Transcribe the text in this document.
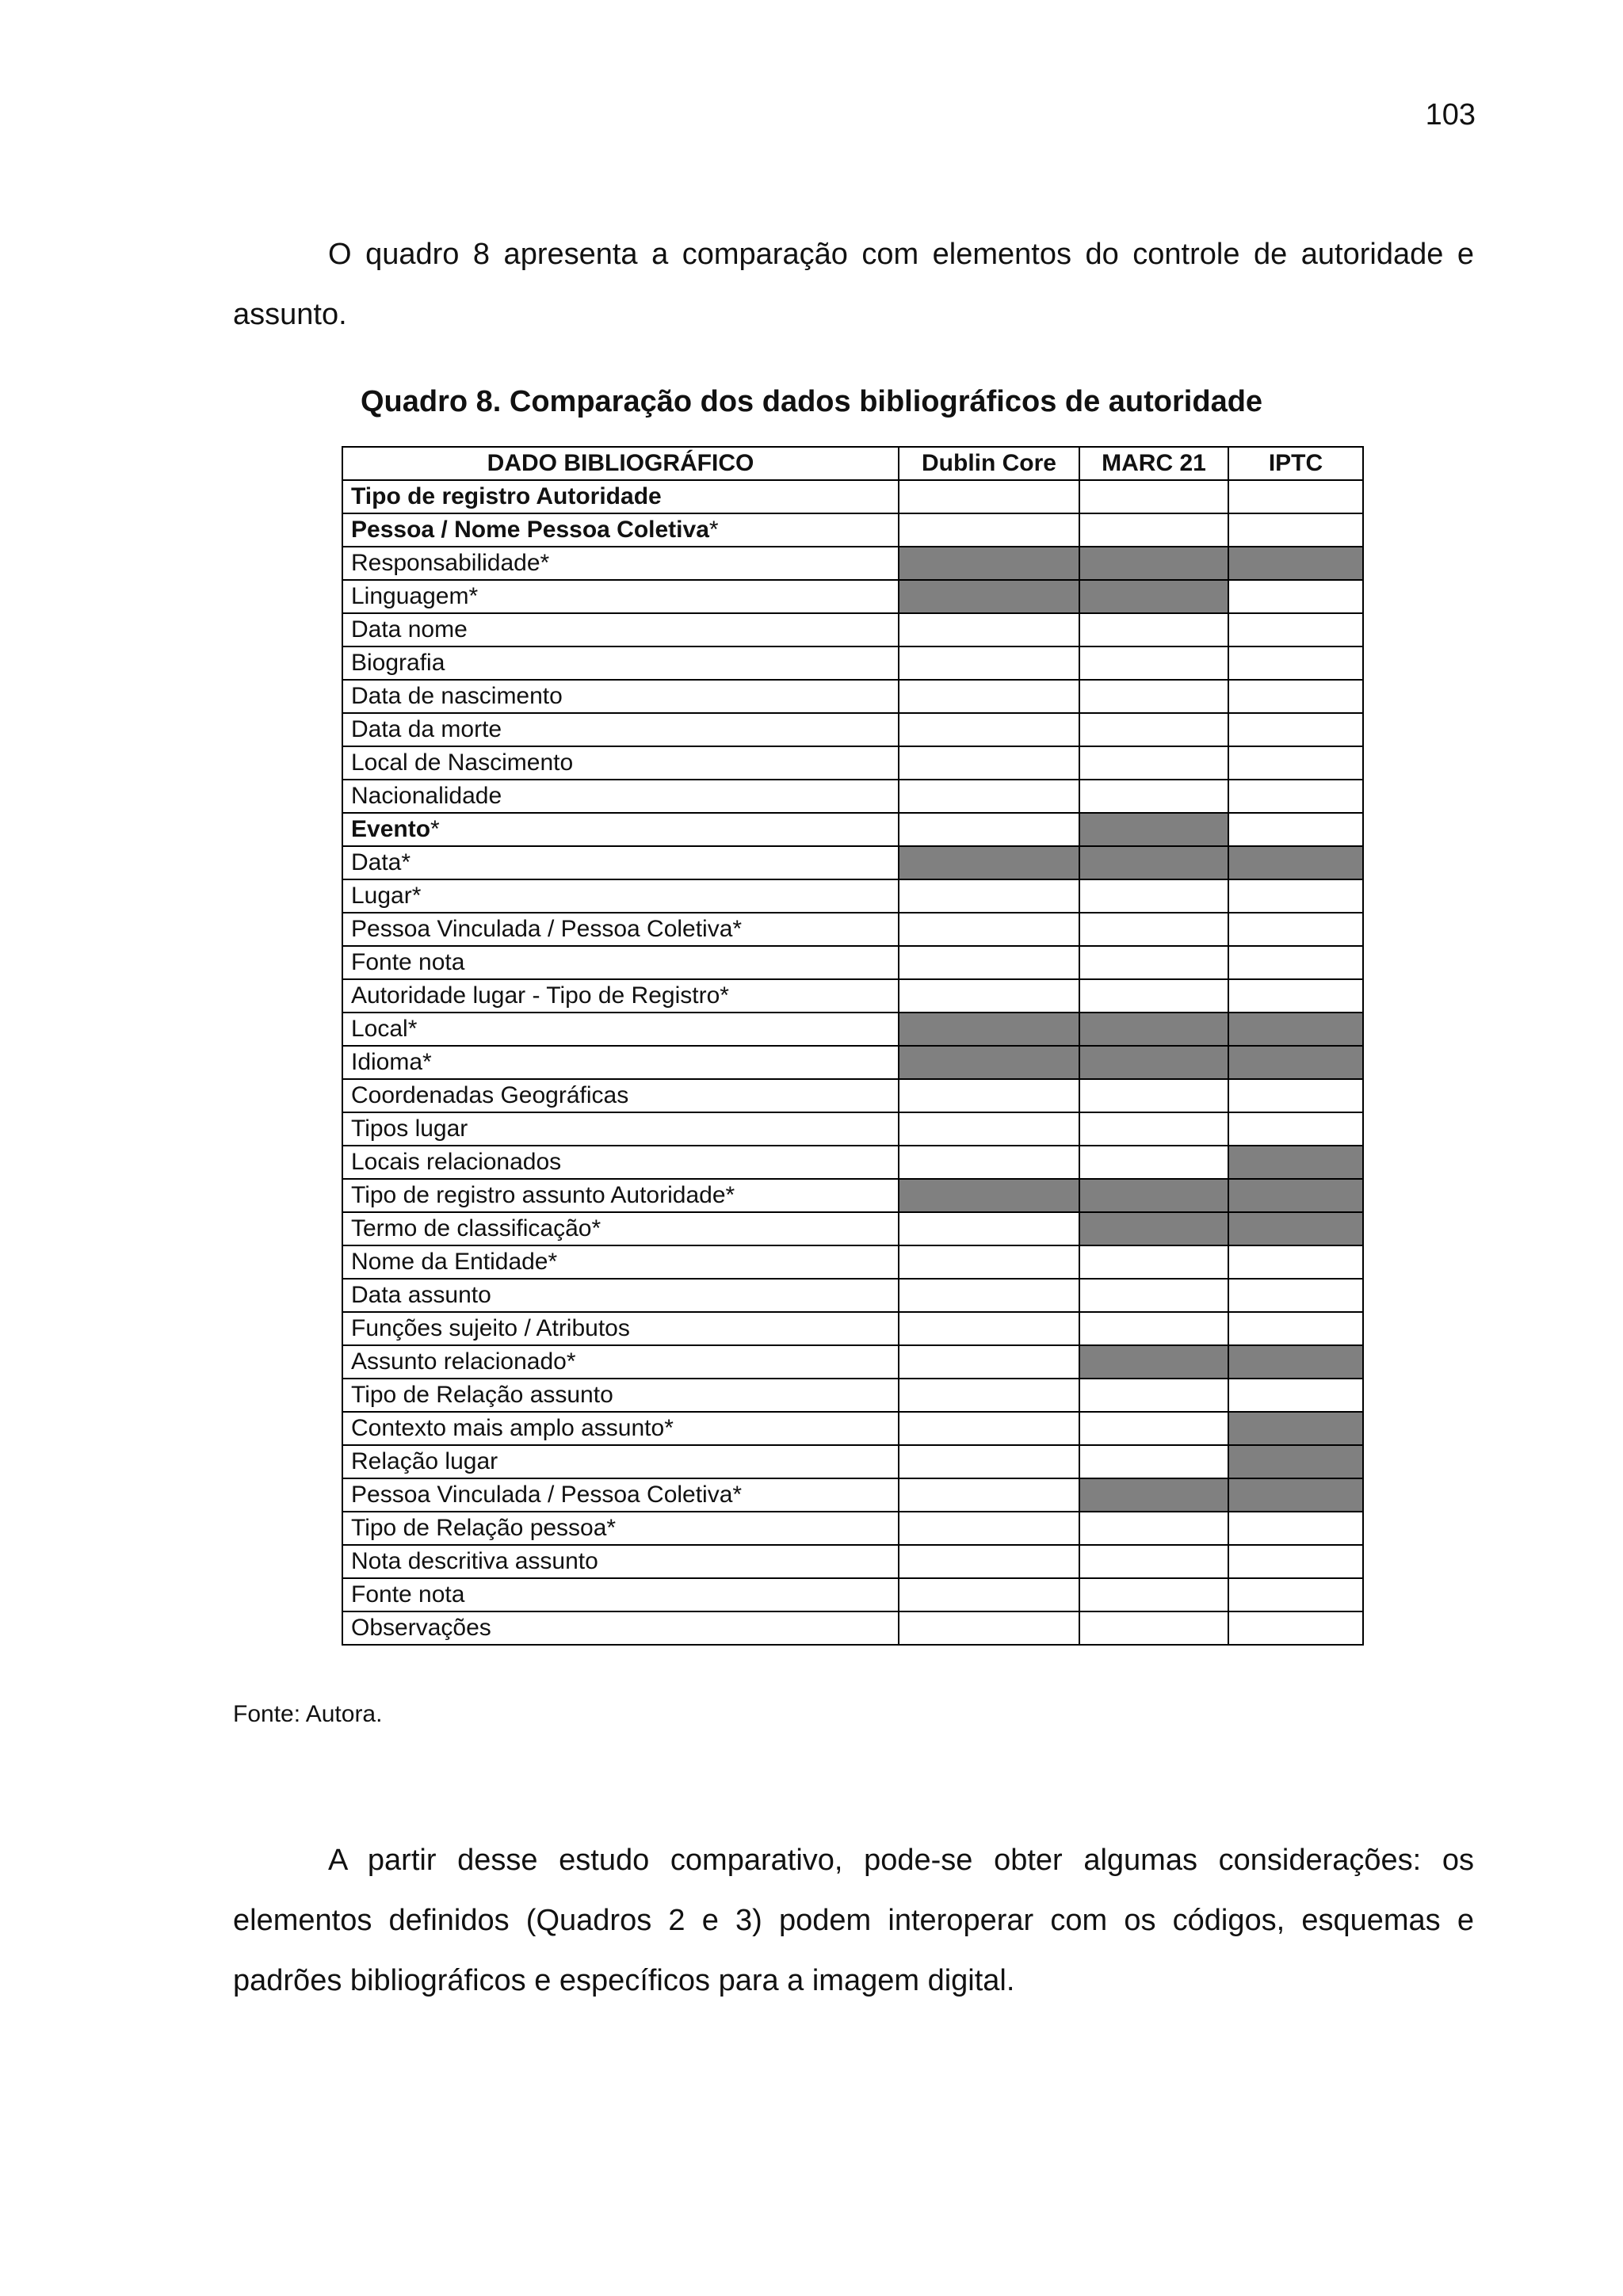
103

O quadro 8 apresenta a comparação com elementos do controle de autoridade e assunto.

Quadro 8. Comparação dos dados bibliográficos de autoridade
DADO BIBLIOGRÁFICO	Dublin Core	MARC 21	IPTC
Tipo de registro Autoridade			
Pessoa / Nome Pessoa Coletiva*			
Responsabilidade*			
Linguagem*			
Data nome			
Biografia			
Data de nascimento			
Data da morte			
Local de Nascimento			
Nacionalidade			
Evento*			
Data*			
Lugar*			
Pessoa Vinculada / Pessoa Coletiva*			
Fonte nota			
Autoridade lugar - Tipo de Registro*			
Local*			
Idioma*			
Coordenadas Geográficas			
Tipos lugar			
Locais relacionados			
Tipo de registro assunto Autoridade*			
Termo de classificação*			
Nome da Entidade*			
Data assunto			
Funções sujeito / Atributos			
Assunto relacionado*			
Tipo de Relação assunto			
Contexto mais amplo assunto*			
Relação lugar			
Pessoa Vinculada / Pessoa Coletiva*			
Tipo de Relação pessoa*			
Nota descritiva assunto			
Fonte nota			
Observações			
Fonte: Autora.

A partir desse estudo comparativo, pode-se obter algumas considerações: os elementos definidos (Quadros 2 e 3) podem interoperar com os códigos, esquemas e padrões bibliográficos e específicos para a imagem digital.
